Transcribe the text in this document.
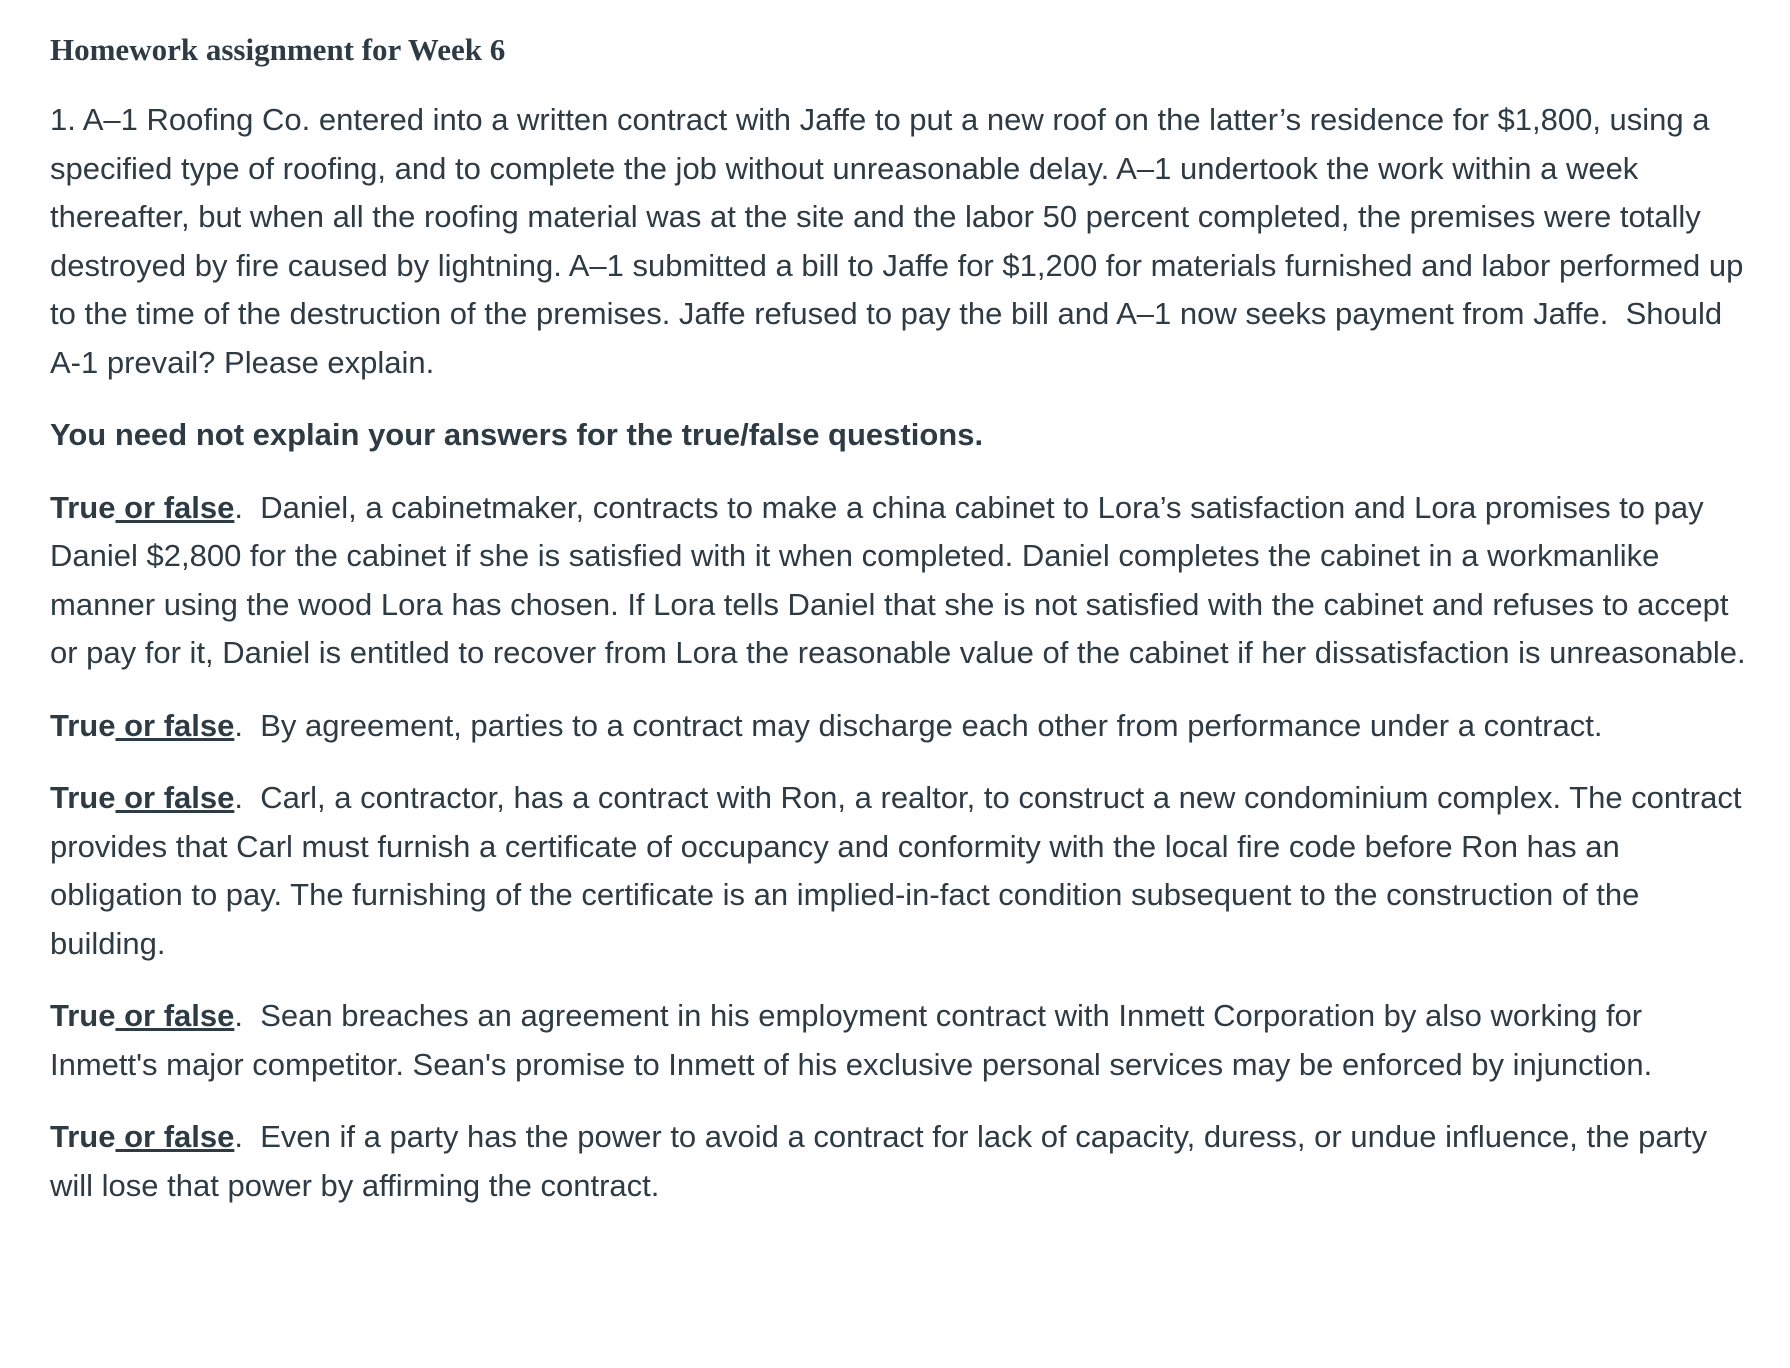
Homework assignment for Week 6

1. A–1 Roofing Co. entered into a written contract with Jaffe to put a new roof on the latter’s residence for $1,800, using a specified type of roofing, and to complete the job without unreasonable delay. A–1 undertook the work within a week thereafter, but when all the roofing material was at the site and the labor 50 percent completed, the premises were totally destroyed by fire caused by lightning. A–1 submitted a bill to Jaffe for $1,200 for materials furnished and labor performed up to the time of the destruction of the premises. Jaffe refused to pay the bill and A–1 now seeks payment from Jaffe.  Should A-1 prevail? Please explain.

You need not explain your answers for the true/false questions.

True or false.  Daniel, a cabinetmaker, contracts to make a china cabinet to Lora’s satisfaction and Lora promises to pay Daniel $2,800 for the cabinet if she is satisfied with it when completed. Daniel completes the cabinet in a workmanlike manner using the wood Lora has chosen. If Lora tells Daniel that she is not satisfied with the cabinet and refuses to accept or pay for it, Daniel is entitled to recover from Lora the reasonable value of the cabinet if her dissatisfaction is unreasonable.

True or false.  By agreement, parties to a contract may discharge each other from performance under a contract.

True or false.  Carl, a contractor, has a contract with Ron, a realtor, to construct a new condominium complex. The contract provides that Carl must furnish a certificate of occupancy and conformity with the local fire code before Ron has an obligation to pay. The furnishing of the certificate is an implied-in-fact condition subsequent to the construction of the building.

True or false.  Sean breaches an agreement in his employment contract with Inmett Corporation by also working for Inmett's major competitor. Sean's promise to Inmett of his exclusive personal services may be enforced by injunction.

True or false.  Even if a party has the power to avoid a contract for lack of capacity, duress, or undue influence, the party will lose that power by affirming the contract.
